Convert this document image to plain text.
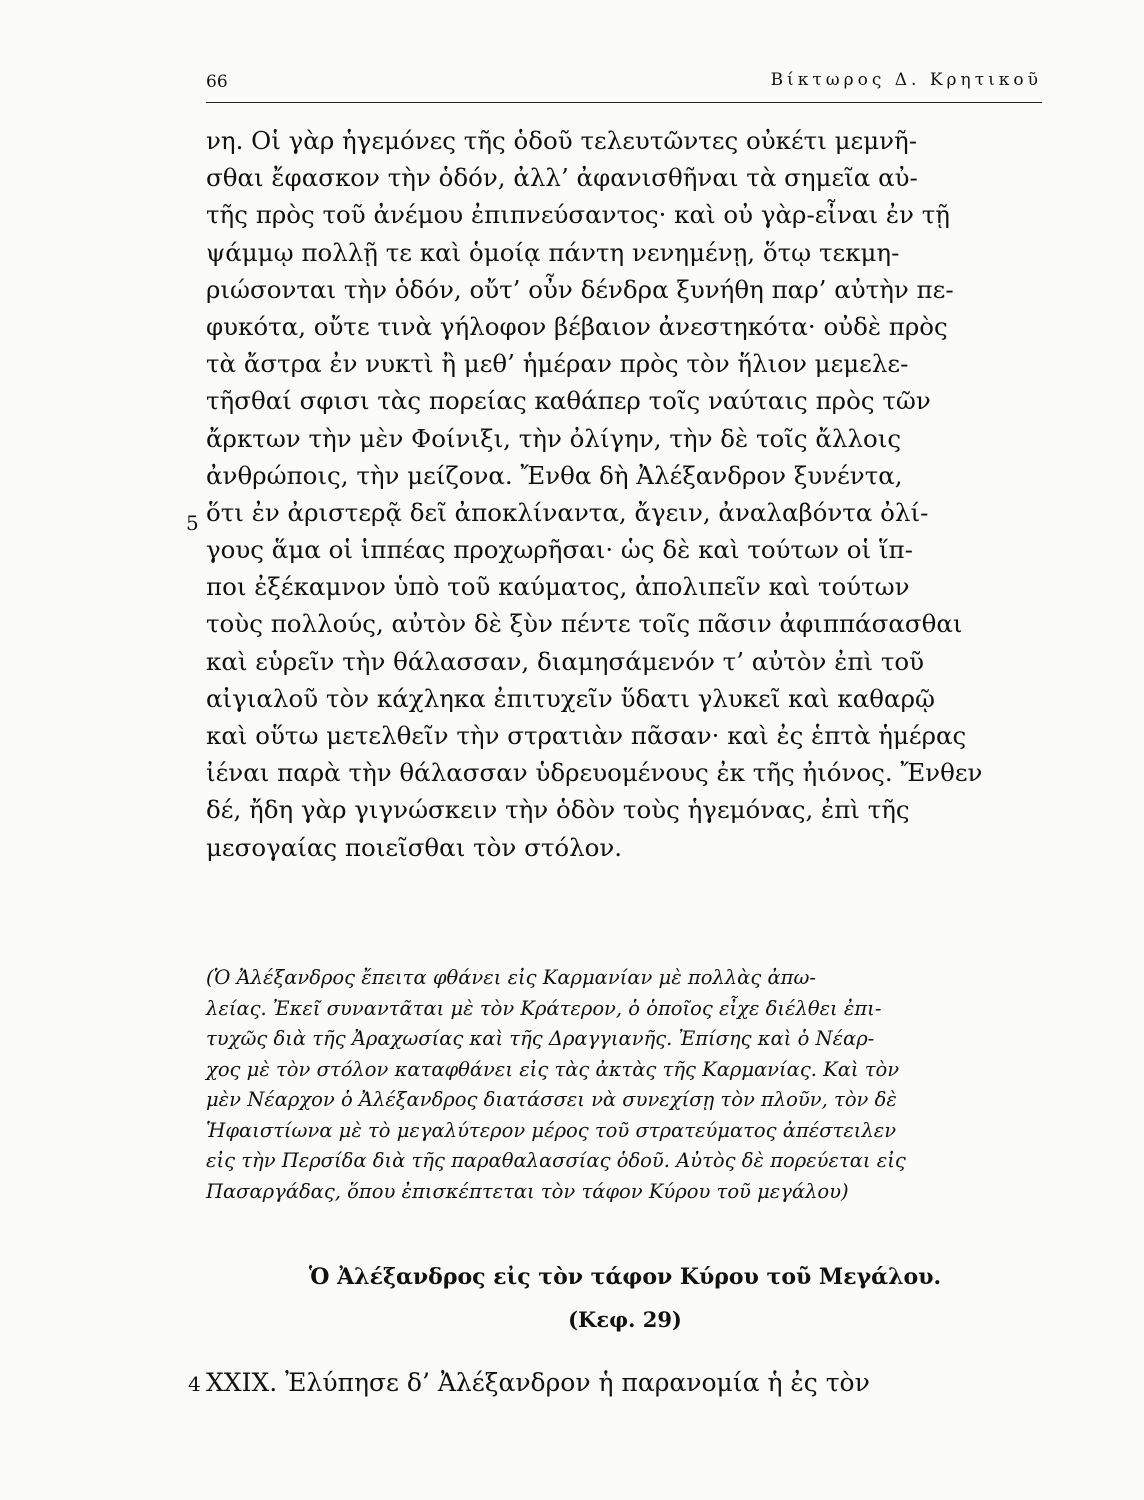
66	Βίκτωρος Δ. Κρητικοῦ
νη. Οἱ γὰρ ἡγεμόνες τῆς ὁδοῦ τελευτῶντες οὐκέτι μεμνῆ-
σθαι ἔφασκον τὴν ὁδόν, ἀλλ’ ἀφανισθῆναι τὰ σημεῖα αὐ-
τῆς πρὸς τοῦ ἀνέμου ἐπιπνεύσαντος· καὶ οὐ γὰρ-εἶναι ἐν τῇ
ψάμμῳ πολλῇ τε καὶ ὁμοίᾳ πάντη νενημένῃ, ὅτῳ τεκμη-
ριώσονται τὴν ὁδόν, οὔτ’ οὖν δένδρα ξυνήθη παρ’ αὐτὴν πε-
φυκότα, οὔτε τινὰ γήλοφον βέβαιον ἀνεστηκότα· οὐδὲ πρὸς
τὰ ἄστρα ἐν νυκτὶ ἢ μεθ’ ἡμέραν πρὸς τὸν ἥλιον μεμελε-
τῆσθαί σφισι τὰς πορείας καθάπερ τοῖς ναύταις πρὸς τῶν
ἄρκτων τὴν μὲν Φοίνιξι, τὴν ὀλίγην, τὴν δὲ τοῖς ἄλλοις
ἀνθρώποις, τὴν μείζονα. Ἔνθα δὴ Ἀλέξανδρον ξυνέντα,
ὅτι ἐν ἀριστερᾷ δεῖ ἀποκλίναντα, ἄγειν, ἀναλαβόντα ὀλί-
γους ἅμα οἱ ἱππέας προχωρῆσαι· ὡς δὲ καὶ τούτων οἱ ἵπ-
ποι ἐξέκαμνον ὑπὸ τοῦ καύματος, ἀπολιπεῖν καὶ τούτων
τοὺς πολλούς, αὐτὸν δὲ ξὺν πέντε τοῖς πᾶσιν ἀφιππάσασθαι
καὶ εὑρεῖν τὴν θάλασσαν, διαμησάμενόν τ’ αὐτὸν ἐπὶ τοῦ
αἰγιαλοῦ τὸν κάχληκα ἐπιτυχεῖν ὕδατι γλυκεῖ καὶ καθαρῷ
καὶ οὕτω μετελθεῖν τὴν στρατιὰν πᾶσαν· καὶ ἐς ἑπτὰ ἡμέρας
ἰέναι παρὰ τὴν θάλασσαν ὑδρευομένους ἐκ τῆς ἠιόνος. Ἔνθεν
δέ, ἤδη γὰρ γιγνώσκειν τὴν ὁδὸν τοὺς ἡγεμόνας, ἐπὶ τῆς
μεσογαίας ποιεῖσθαι τὸν στόλον.
5
(Ὁ Ἀλέξανδρος ἔπειτα φθάνει εἰς Καρμανίαν μὲ πολλὰς ἀπω-
λείας. Ἐκεῖ συναντᾶται μὲ τὸν Κράτερον, ὁ ὁποῖος εἶχε διέλθει ἐπι-
τυχῶς διὰ τῆς Ἀραχωσίας καὶ τῆς Δραγγιανῆς. Ἐπίσης καὶ ὁ Νέαρ-
χος μὲ τὸν στόλον καταφθάνει εἰς τὰς ἀκτὰς τῆς Καρμανίας. Καὶ τὸν
μὲν Νέαρχον ὁ Ἀλέξανδρος διατάσσει νὰ συνεχίσῃ τὸν πλοῦν, τὸν δὲ
Ἡφαιστίωνα μὲ τὸ μεγαλύτερον μέρος τοῦ στρατεύματος ἀπέστειλεν
εἰς τὴν Περσίδα διὰ τῆς παραθαλασσίας ὁδοῦ. Αὐτὸς δὲ πορεύεται εἰς
Πασαργάδας, ὅπου ἐπισκέπτεται τὸν τάφον Κύρου τοῦ μεγάλου)
Ὁ Ἀλέξανδρος εἰς τὸν τάφον Κύρου τοῦ Μεγάλου.
(Κεφ. 29)
4 XXIX. Ἐλύπησε δ’ Ἀλέξανδρον ἡ παρανομία ἡ ἐς τὸν
